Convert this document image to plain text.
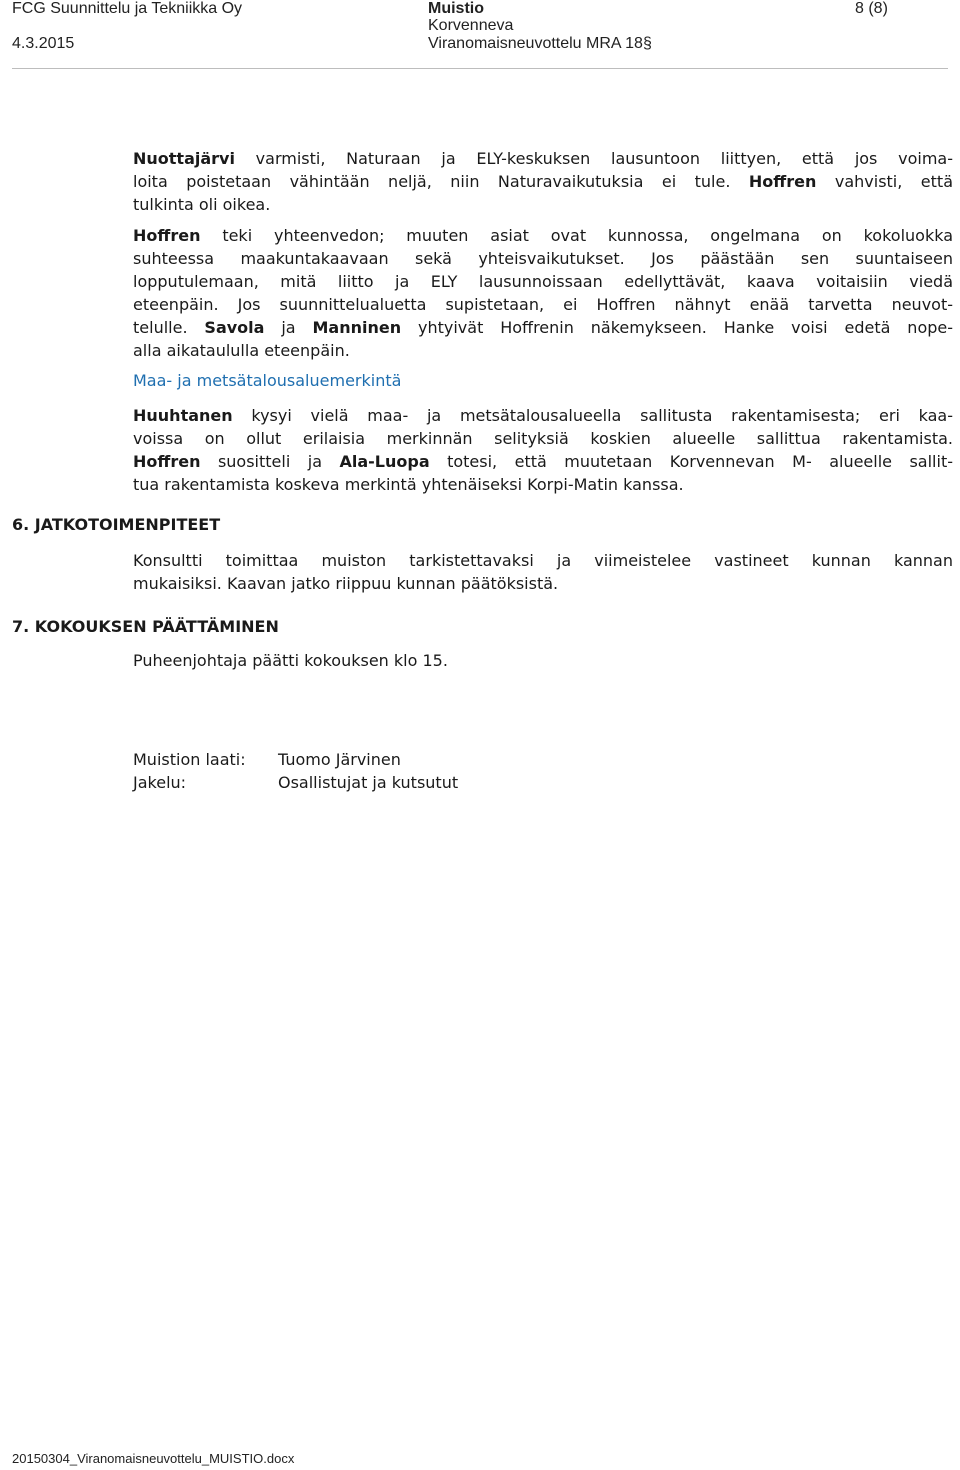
FCG Suunnittelu ja Tekniikka Oy
4.3.2015
Muistio
Korvenneva
Viranomaisneuvottelu MRA 18§
8 (8)
Nuottajärvi varmisti, Naturaan ja ELY-keskuksen lausuntoon liittyen, että jos voima-
loita poistetaan vähintään neljä, niin Naturavaikutuksia ei tule. Hoffren vahvisti, että
tulkinta oli oikea.
Hoffren teki yhteenvedon; muuten asiat ovat kunnossa, ongelmana on kokoluokka
suhteessa maakuntakaavaan sekä yhteisvaikutukset. Jos päästään sen suuntaiseen
lopputulemaan, mitä liitto ja ELY lausunnoissaan edellyttävät, kaava voitaisiin viedä
eteenpäin. Jos suunnittelualuetta supistetaan, ei Hoffren nähnyt enää tarvetta neuvot-
telulle. Savola ja Manninen yhtyivät Hoffrenin näkemykseen. Hanke voisi edetä nope-
alla aikataululla eteenpäin.
Maa- ja metsätalousaluemerkintä
Huuhtanen kysyi vielä maa- ja metsätalousalueella sallitusta rakentamisesta; eri kaa-
voissa on ollut erilaisia merkinnän selityksiä koskien alueelle sallittua rakentamista.
Hoffren suositteli ja Ala-Luopa totesi, että muutetaan Korvennevan M- alueelle sallit-
tua rakentamista koskeva merkintä yhtenäiseksi Korpi-Matin kanssa.
6. JATKOTOIMENPITEET
Konsultti toimittaa muiston tarkistettavaksi ja viimeistelee vastineet kunnan kannan
mukaisiksi. Kaavan jatko riippuu kunnan päätöksistä.
7. KOKOUKSEN PÄÄTTÄMINEN
Puheenjohtaja päätti kokouksen klo 15.
Muistion laati: Tuomo Järvinen
Jakelu:	Osallistujat ja kutsutut
20150304_Viranomaisneuvottelu_MUISTIO.docx
